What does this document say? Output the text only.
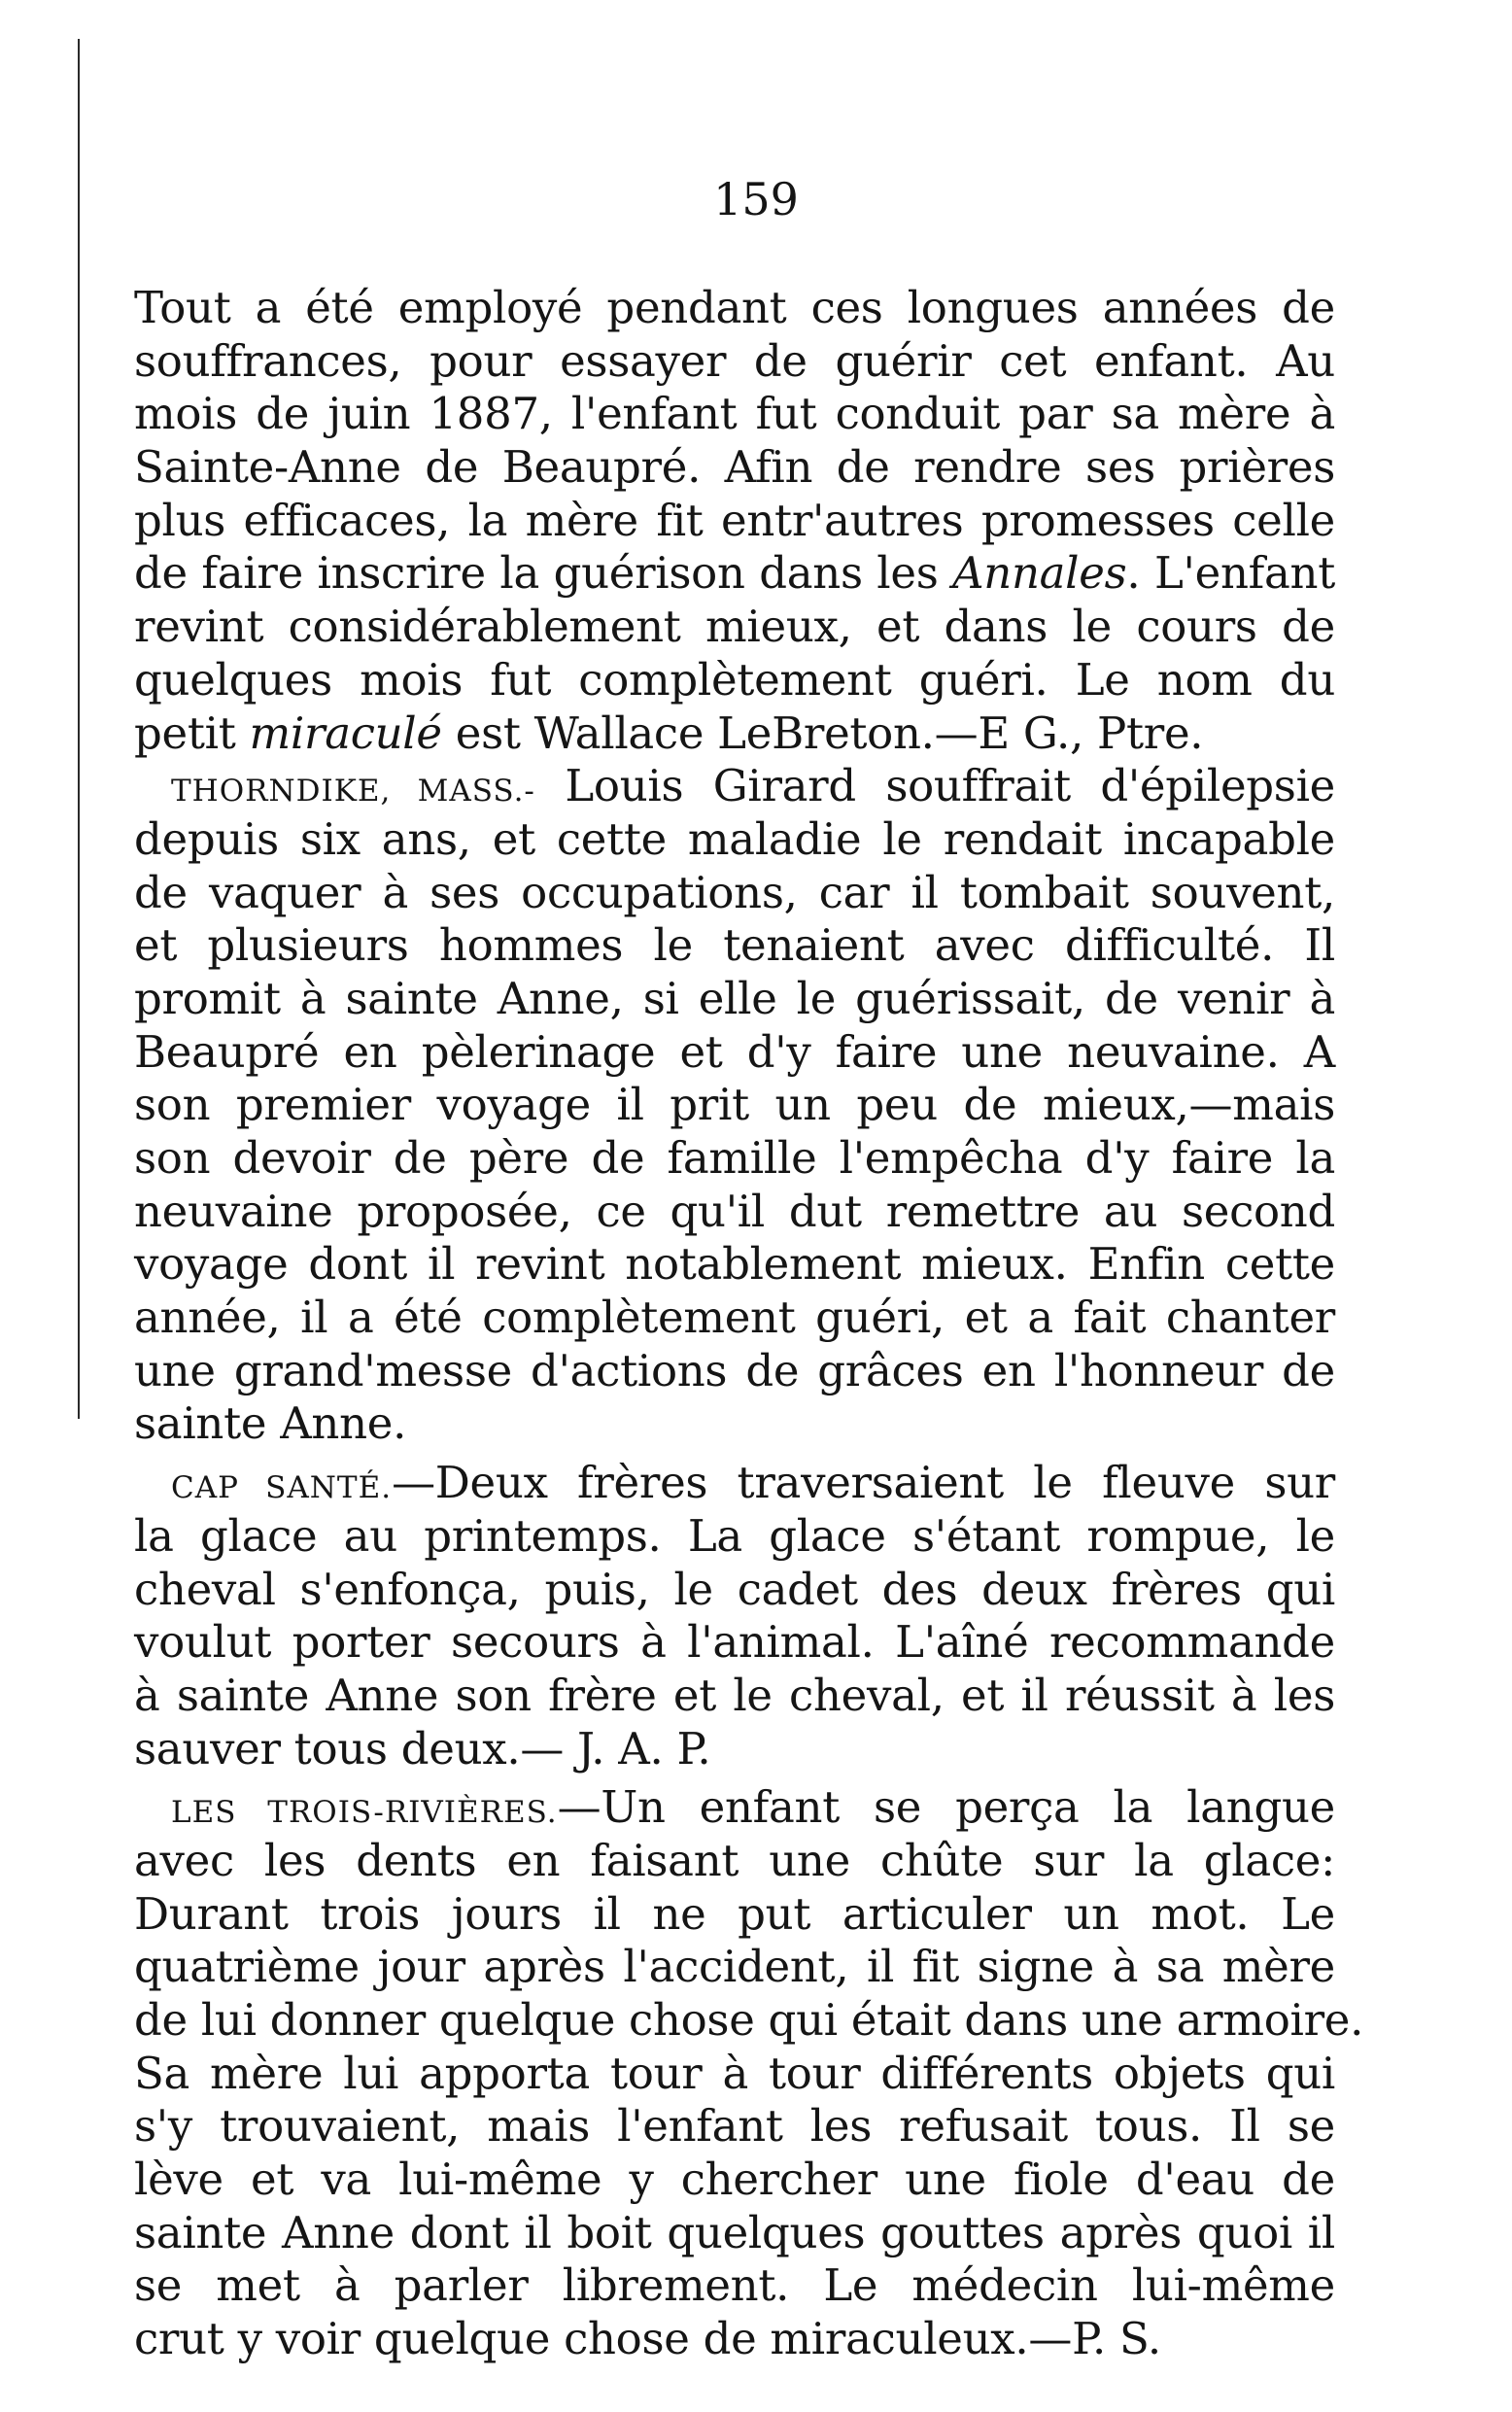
159
Tout a été employé pendant ces longues années de
souffrances, pour essayer de guérir cet enfant. Au
mois de juin 1887, l'enfant fut conduit par sa mère à
Sainte-Anne de Beaupré. Afin de rendre ses prières
plus efficaces, la mère fit entr'autres promesses celle
de faire inscrire la guérison dans les Annales. L'enfant
revint considérablement mieux, et dans le cours de
quelques mois fut complètement guéri. Le nom du
petit miraculé est Wallace LeBreton.—E G., Ptre.
THORNDIKE, MASS.- Louis Girard souffrait d'épilepsie
depuis six ans, et cette maladie le rendait incapable
de vaquer à ses occupations, car il tombait souvent,
et plusieurs hommes le tenaient avec difficulté. Il
promit à sainte Anne, si elle le guérissait, de venir à
Beaupré en pèlerinage et d'y faire une neuvaine. A
son premier voyage il prit un peu de mieux,—mais
son devoir de père de famille l'empêcha d'y faire la
neuvaine proposée, ce qu'il dut remettre au second
voyage dont il revint notablement mieux. Enfin cette
année, il a été complètement guéri, et a fait chanter
une grand'messe d'actions de grâces en l'honneur de
sainte Anne.
CAP SANTÉ.—Deux frères traversaient le fleuve sur
la glace au printemps. La glace s'étant rompue, le
cheval s'enfonça, puis, le cadet des deux frères qui
voulut porter secours à l'animal. L'aîné recommande
à sainte Anne son frère et le cheval, et il réussit à les
sauver tous deux.— J. A. P.
LES TROIS-RIVIÈRES.—Un enfant se perça la langue
avec les dents en faisant une chûte sur la glace:
Durant trois jours il ne put articuler un mot. Le
quatrième jour après l'accident, il fit signe à sa mère
de lui donner quelque chose qui était dans une armoire.
Sa mère lui apporta tour à tour différents objets qui
s'y trouvaient, mais l'enfant les refusait tous. Il se
lève et va lui-même y chercher une fiole d'eau de
sainte Anne dont il boit quelques gouttes après quoi il
se met à parler librement. Le médecin lui-même
crut y voir quelque chose de miraculeux.—P. S.
